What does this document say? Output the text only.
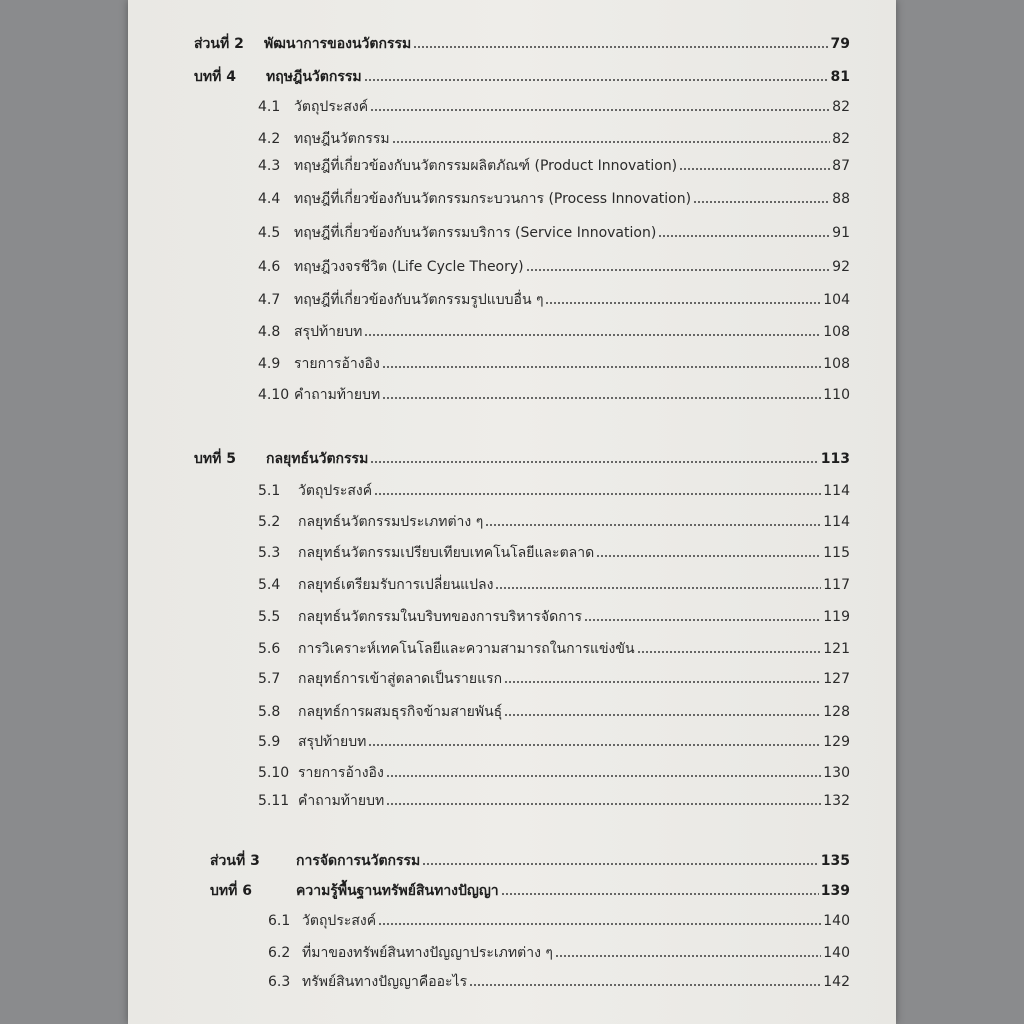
ส่วนที่ 2	พัฒนาการของนวัตกรรม	79
บทที่ 4	ทฤษฎีนวัตกรรม	81
4.1 วัตถุประสงค์	82
4.2 ทฤษฎีนวัตกรรม	82
4.3 ทฤษฎีที่เกี่ยวข้องกับนวัตกรรมผลิตภัณฑ์ (Product Innovation)	87
4.4 ทฤษฎีที่เกี่ยวข้องกับนวัตกรรมกระบวนการ (Process Innovation)	88
4.5 ทฤษฎีที่เกี่ยวข้องกับนวัตกรรมบริการ (Service Innovation)	91
4.6 ทฤษฎีวงจรชีวิต (Life Cycle Theory)	92
4.7 ทฤษฎีที่เกี่ยวข้องกับนวัตกรรมรูปแบบอื่น ๆ	104
4.8 สรุปท้ายบท	108
4.9 รายการอ้างอิง	108
4.10 คำถามท้ายบท	110
บทที่ 5	กลยุทธ์นวัตกรรม	113
5.1	วัตถุประสงค์	114
5.2	กลยุทธ์นวัตกรรมประเภทต่าง ๆ	114
5.3	กลยุทธ์นวัตกรรมเปรียบเทียบเทคโนโลยีและตลาด	115
5.4	กลยุทธ์เตรียมรับการเปลี่ยนแปลง	117
5.5	กลยุทธ์นวัตกรรมในบริบทของการบริหารจัดการ	119
5.6	การวิเคราะห์เทคโนโลยีและความสามารถในการแข่งขัน	121
5.7	กลยุทธ์การเข้าสู่ตลาดเป็นรายแรก	127
5.8	กลยุทธ์การผสมธุรกิจข้ามสายพันธุ์	128
5.9	สรุปท้ายบท	129
5.10 รายการอ้างอิง	130
5.11 คำถามท้ายบท	132
ส่วนที่ 3	การจัดการนวัตกรรม	135
บทที่ 6	ความรู้พื้นฐานทรัพย์สินทางปัญญา	139
6.1 วัตถุประสงค์	140
6.2 ที่มาของทรัพย์สินทางปัญญาประเภทต่าง ๆ	140
6.3 ทรัพย์สินทางปัญญาคืออะไร	142
